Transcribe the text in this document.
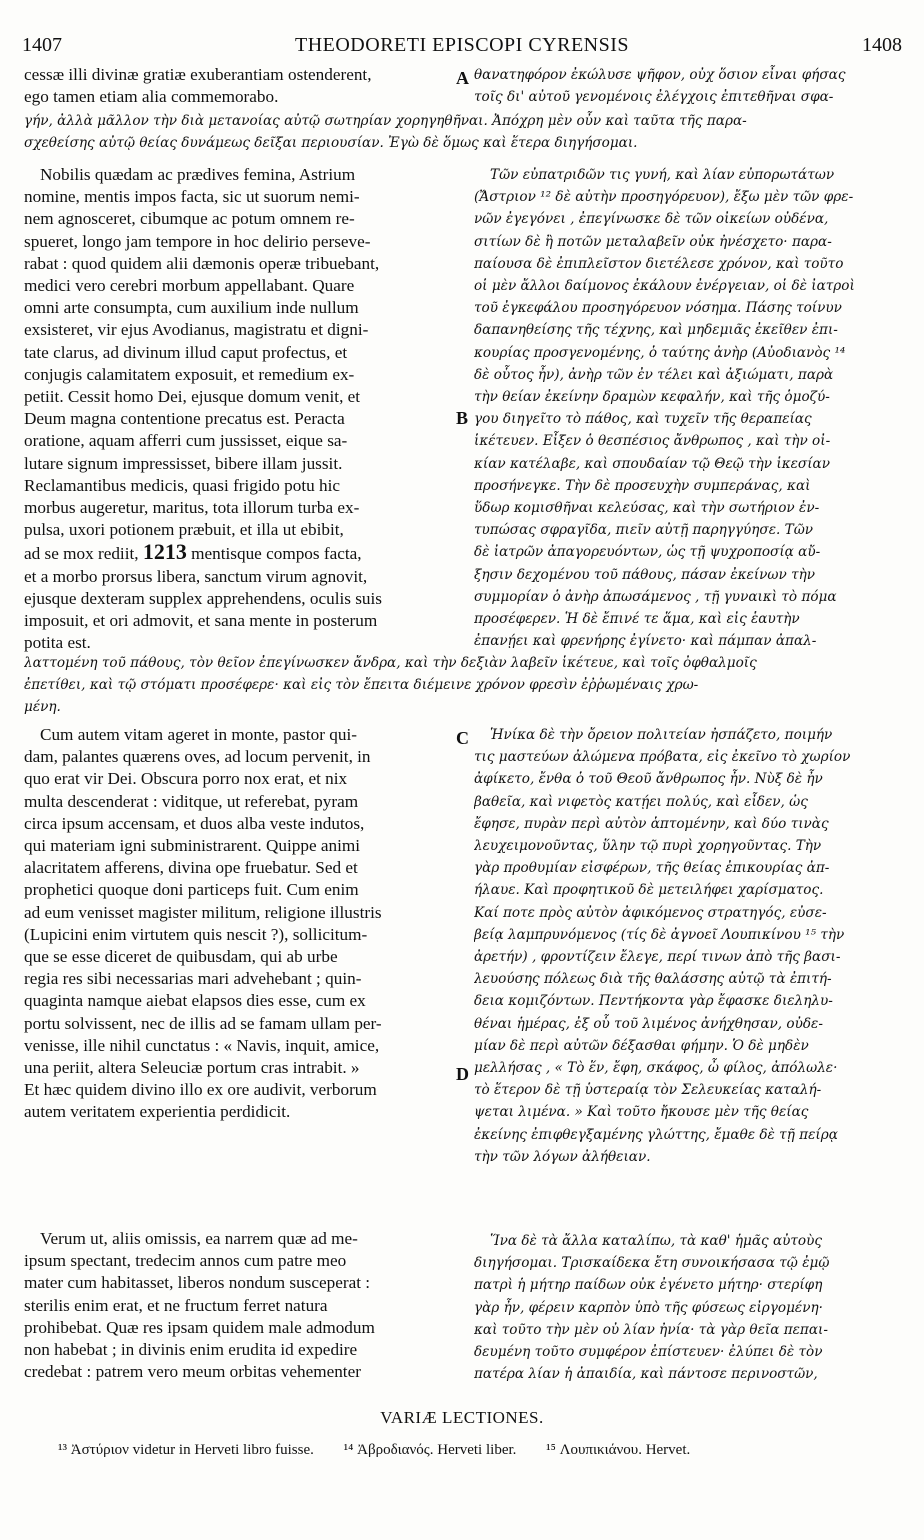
1407	THEODORETI EPISCOPI CYRENSIS	1408
cessæ illi divinæ gratiæ exuberantiam ostenderent,
ego tamen etiam alia commemorabo.
A θανατηφόρον ἐκώλυσε ψῆφον, οὐχ ὅσιον εἶναι φήσας
τοῖς δι' αὐτοῦ γενομένοις ἐλέγχοις ἐπιτεθῆναι σφα-
γήν, ἀλλὰ μᾶλλον τὴν διὰ μετανοίας αὐτῷ σωτηρίαν χορηγηθῆναι. Ἀπόχρη μὲν οὖν καὶ ταῦτα τῆς παρα-
σχεθείσης αὐτῷ θείας δυνάμεως δεῖξαι περιουσίαν. Ἐγὼ δὲ ὅμως καὶ ἕτερα διηγήσομαι.
Nobilis quædam ac prædives femina, Astrium
nomine, mentis impos facta, sic ut suorum nemi-
nem agnosceret, cibumque ac potum omnem re-
spueret, longo jam tempore in hoc delirio perseve-
rabat : quod quidem alii dæmonis operæ tribuebant,
medici vero cerebri morbum appellabant. Quare
omni arte consumpta, cum auxilium inde nullum
exsisteret, vir ejus Avodianus, magistratu et digni-
tate clarus, ad divinum illud caput profectus, et
conjugis calamitatem exposuit, et remedium ex-
petiit. Cessit homo Dei, ejusque domum venit, et
Deum magna contentione precatus est. Peracta
oratione, aquam afferri cum jussisset, eique sa-
lutare signum impressisset, bibere illam jussit.
Reclamantibus medicis, quasi frigido potu hic
morbus augeretur, maritus, tota illorum turba ex-
pulsa, uxori potionem præbuit, et illa ut ebibit,
ad se mox rediit, 1213 mentisque compos facta,
et a morbo prorsus libera, sanctum virum agnovit,
ejusque dexteram supplex apprehendens, oculis suis
imposuit, et ori admovit, et sana mente in posterum
potita est.
B
Τῶν εὐπατριδῶν τις γυνή, καὶ λίαν εὐπορωτάτων
(Ἄστριον ¹² δὲ αὐτὴν προσηγόρευον), ἔξω μὲν τῶν φρε-
νῶν ἐγεγόνει , ἐπεγίνωσκε δὲ τῶν οἰκείων οὐδένα,
σιτίων δὲ ἢ ποτῶν μεταλαβεῖν οὐκ ἠνέσχετο· παρα-
παίουσα δὲ ἐπιπλεῖστον διετέλεσε χρόνον, καὶ τοῦτο
οἱ μὲν ἄλλοι δαίμονος ἐκάλουν ἐνέργειαν, οἱ δὲ ἰατροὶ
τοῦ ἐγκεφάλου προσηγόρευον νόσημα. Πάσης τοίνυν
δαπανηθείσης τῆς τέχνης, καὶ μηδεμιᾶς ἐκεῖθεν ἐπι-
κουρίας προσγενομένης, ὁ ταύτης ἀνὴρ (Αὐοδιανὸς ¹⁴
δὲ οὗτος ἦν), ἀνὴρ τῶν ἐν τέλει καὶ ἀξιώματι, παρὰ
τὴν θείαν ἐκείνην δραμὼν κεφαλήν, καὶ τῆς ὁμοζύ-
γου διηγεῖτο τὸ πάθος, καὶ τυχεῖν τῆς θεραπείας
ἱκέτευεν. Εἶξεν ὁ θεσπέσιος ἄνθρωπος , καὶ τὴν οἰ-
κίαν κατέλαβε, καὶ σπουδαίαν τῷ Θεῷ τὴν ἱκεσίαν
προσήνεγκε. Τὴν δὲ προσευχὴν συμπεράνας, καὶ
ὕδωρ κομισθῆναι κελεύσας, καὶ τὴν σωτήριον ἐν-
τυπώσας σφραγῖδα, πιεῖν αὐτῇ παρηγγύησε. Τῶν
δὲ ἰατρῶν ἀπαγορευόντων, ὡς τῇ ψυχροποσίᾳ αὔ-
ξησιν δεχομένου τοῦ πάθους, πάσαν ἐκείνων τὴν
συμμορίαν ὁ ἀνὴρ ἀπωσάμενος , τῇ γυναικὶ τὸ πόμα
προσέφερεν. Ἡ δὲ ἔπινέ τε ἅμα, καὶ εἰς ἑαυτὴν
ἐπανῄει καὶ φρενήρης ἐγίνετο· καὶ πάμπαν ἀπαλ-
λαττομένη τοῦ πάθους, τὸν θεῖον ἐπεγίνωσκεν ἄνδρα, καὶ τὴν δεξιὰν λαβεῖν ἱκέτευε, καὶ τοῖς ὀφθαλμοῖς
ἐπετίθει, καὶ τῷ στόματι προσέφερε· καὶ εἰς τὸν ἔπειτα διέμεινε χρόνον φρεσὶν ἐῤῥωμέναις χρω-
μένη.
Cum autem vitam ageret in monte, pastor qui-
dam, palantes quærens oves, ad locum pervenit, in
quo erat vir Dei. Obscura porro nox erat, et nix
multa descenderat : viditque, ut referebat, pyram
circa ipsum accensam, et duos alba veste indutos,
qui materiam igni subministrarent. Quippe animi
alacritatem afferens, divina ope fruebatur. Sed et
prophetici quoque doni particeps fuit. Cum enim
ad eum venisset magister militum, religione illustris
(Lupicini enim virtutem quis nescit ?), sollicitum-
que se esse diceret de quibusdam, qui ab urbe
regia res sibi necessarias mari advehebant ; quin-
quaginta namque aiebat elapsos dies esse, cum ex
portu solvissent, nec de illis ad se famam ullam per-
venisse, ille nihil cunctatus : « Navis, inquit, amice,
una periit, altera Seleuciæ portum cras intrabit. »
Et hæc quidem divino illo ex ore audivit, verborum
autem veritatem experientia perdidicit.
C
D
Ἡνίκα δὲ τὴν ὄρειον πολιτείαν ἠσπάζετο, ποιμήν
τις μαστεύων ἀλώμενα πρόβατα, εἰς ἐκεῖνο τὸ χωρίον
ἀφίκετο, ἔνθα ὁ τοῦ Θεοῦ ἄνθρωπος ἦν. Νὺξ δὲ ἦν
βαθεῖα, καὶ νιφετὸς κατῄει πολύς, καὶ εἶδεν, ὡς
ἔφησε, πυρὰν περὶ αὐτὸν ἁπτομένην, καὶ δύο τινὰς
λευχειμονοῦντας, ὕλην τῷ πυρὶ χορηγοῦντας. Τὴν
γὰρ προθυμίαν εἰσφέρων, τῆς θείας ἐπικουρίας ἀπ-
ήλαυε. Καὶ προφητικοῦ δὲ μετειλήφει χαρίσματος.
Καί ποτε πρὸς αὐτὸν ἀφικόμενος στρατηγός, εὐσε-
βείᾳ λαμπρυνόμενος (τίς δὲ ἀγνοεῖ Λουπικίνου ¹⁵ τὴν
ἀρετήν) , φροντίζειν ἔλεγε, περί τινων ἀπὸ τῆς βασι-
λευούσης πόλεως διὰ τῆς θαλάσσης αὐτῷ τὰ ἐπιτή-
δεια κομιζόντων. Πεντήκοντα γὰρ ἔφασκε διεληλυ-
θέναι ἡμέρας, ἐξ οὗ τοῦ λιμένος ἀνήχθησαν, οὐδε-
μίαν δὲ περὶ αὐτῶν δέξασθαι φήμην. Ὁ δὲ μηδὲν
μελλήσας , « Τὸ ἕν, ἔφη, σκάφος, ὦ φίλος, ἀπόλωλε·
τὸ ἕτερον δὲ τῇ ὑστεραίᾳ τὸν Σελευκείας καταλή-
ψεται λιμένα. » Καὶ τοῦτο ἤκουσε μὲν τῆς θείας
ἐκείνης ἐπιφθεγξαμένης γλώττης, ἔμαθε δὲ τῇ πείρᾳ
τὴν τῶν λόγων ἀλήθειαν.
Verum ut, aliis omissis, ea narrem quæ ad me-
ipsum spectant, tredecim annos cum patre meo
mater cum habitasset, liberos nondum susceperat :
sterilis enim erat, et ne fructum ferret natura
prohibebat. Quæ res ipsam quidem male admodum
non habebat ; in divinis enim erudita id expedire
credebat : patrem vero meum orbitas vehementer
Ἵνα δὲ τὰ ἄλλα καταλίπω, τὰ καθ' ἡμᾶς αὐτοὺς
διηγήσομαι. Τρισκαίδεκα ἔτη συνοικήσασα τῷ ἐμῷ
πατρὶ ἡ μήτηρ παίδων οὐκ ἐγένετο μήτηρ· στερίφη
γὰρ ἦν, φέρειν καρπὸν ὑπὸ τῆς φύσεως εἰργομένη·
καὶ τοῦτο τὴν μὲν οὐ λίαν ἠνία· τὰ γὰρ θεῖα πεπαι-
δευμένη τοῦτο συμφέρον ἐπίστευεν· ἐλύπει δὲ τὸν
πατέρα λίαν ἡ ἀπαιδία, καὶ πάντοσε περινοστῶν,
VARIÆ LECTIONES.
¹³ Ἀστύριον videtur in Herveti libro fuisse. ¹⁴ Ἀβροδιανός. Herveti liber. ¹⁵ Λουπικιάνου. Hervet.
